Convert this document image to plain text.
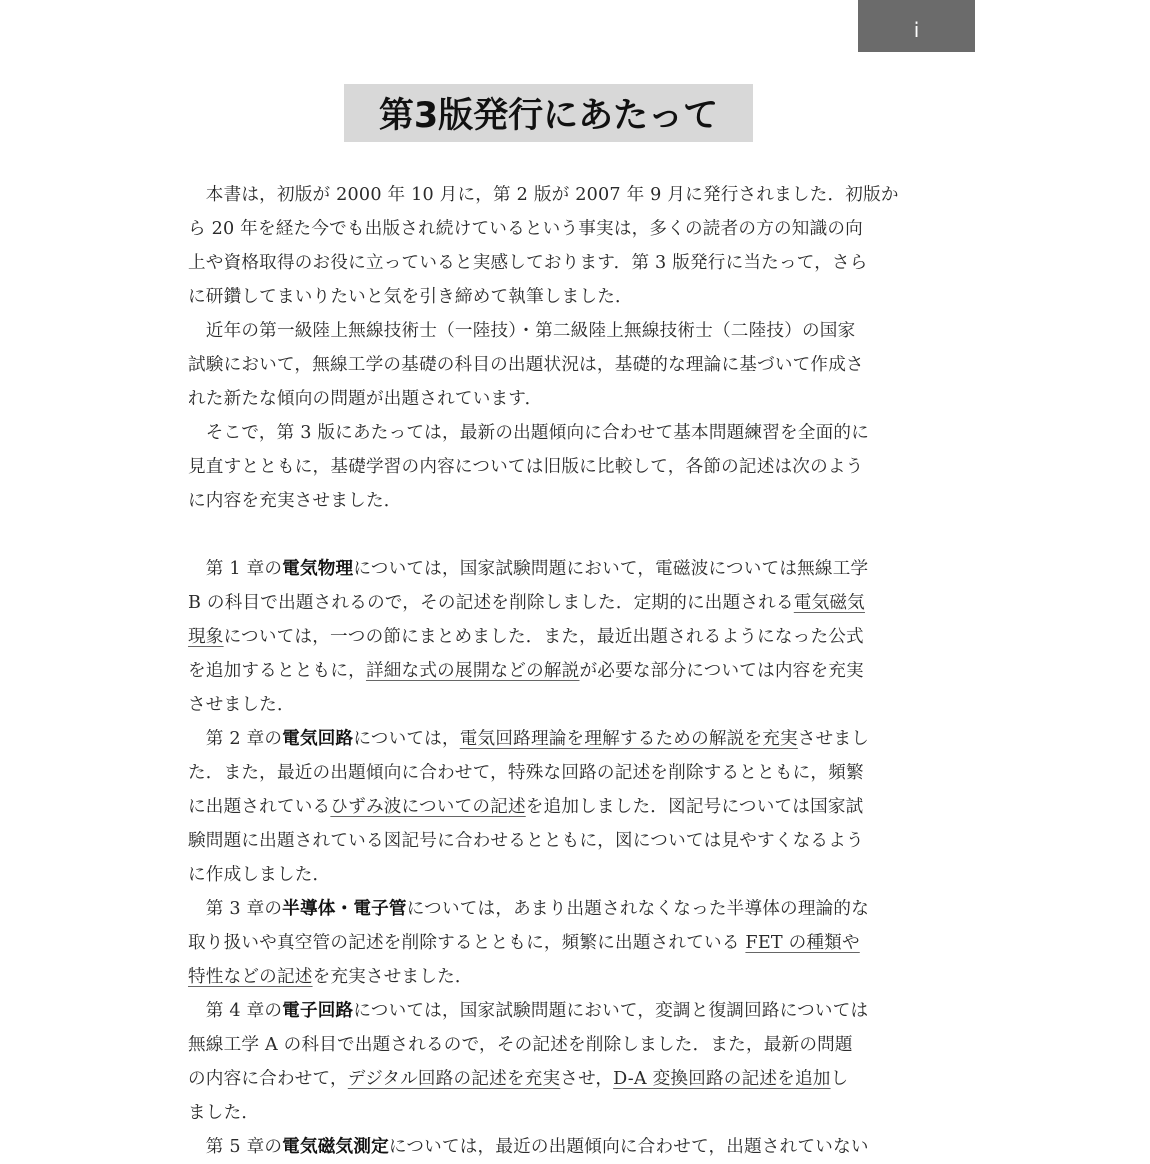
i
第3版発行にあたって
　本書は，初版が 2000 年 10 月に，第 2 版が 2007 年 9 月に発行されました．初版か
ら 20 年を経た今でも出版され続けているという事実は，多くの読者の方の知識の向
上や資格取得のお役に立っていると実感しております．第 3 版発行に当たって，さら
に研鑽してまいりたいと気を引き締めて執筆しました．
　近年の第一級陸上無線技術士（一陸技）・第二級陸上無線技術士（二陸技）の国家
試験において，無線工学の基礎の科目の出題状況は，基礎的な理論に基づいて作成さ
れた新たな傾向の問題が出題されています．
　そこで，第 3 版にあたっては，最新の出題傾向に合わせて基本問題練習を全面的に
見直すとともに，基礎学習の内容については旧版に比較して，各節の記述は次のよう
に内容を充実させました．
　第 1 章の電気物理については，国家試験問題において，電磁波については無線工学
B の科目で出題されるので，その記述を削除しました．定期的に出題される電気磁気
現象については，一つの節にまとめました．また，最近出題されるようになった公式
を追加するとともに，詳細な式の展開などの解説が必要な部分については内容を充実
させました．
　第 2 章の電気回路については，電気回路理論を理解するための解説を充実させまし
た．また，最近の出題傾向に合わせて，特殊な回路の記述を削除するとともに，頻繁
に出題されているひずみ波についての記述を追加しました．図記号については国家試
験問題に出題されている図記号に合わせるとともに，図については見やすくなるよう
に作成しました．
　第 3 章の半導体・電子管については，あまり出題されなくなった半導体の理論的な
取り扱いや真空管の記述を削除するとともに，頻繁に出題されている FET の種類や
特性などの記述を充実させました．
　第 4 章の電子回路については，国家試験問題において，変調と復調回路については
無線工学 A の科目で出題されるので，その記述を削除しました．また，最新の問題
の内容に合わせて，デジタル回路の記述を充実させ，D-A 変換回路の記述を追加し
ました．
　第 5 章の電気磁気測定については，最近の出題傾向に合わせて，出題されていない
